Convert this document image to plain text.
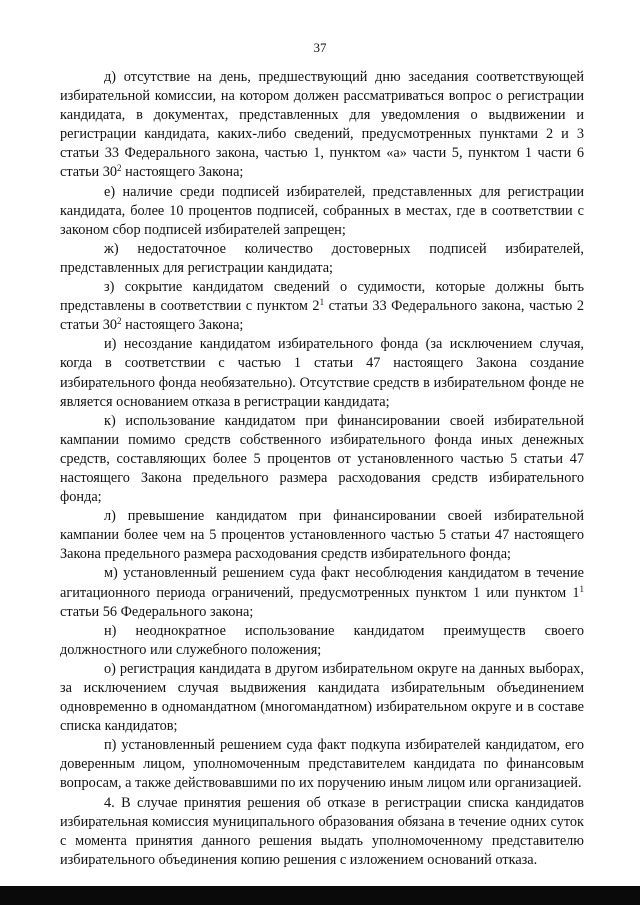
37

д) отсутствие на день, предшествующий дню заседания соответствующей избирательной комиссии, на котором должен рассматриваться вопрос о регистрации кандидата, в документах, представленных для уведомления о выдвижении и регистрации кандидата, каких-либо сведений, предусмотренных пунктами 2 и 3 статьи 33 Федерального закона, частью 1, пунктом «а» части 5, пунктом 1 части 6 статьи $30^2$ настоящего Закона;

е) наличие среди подписей избирателей, представленных для регистрации кандидата, более 10 процентов подписей, собранных в местах, где в соответствии с законом сбор подписей избирателей запрещен;

ж) недостаточное количество достоверных подписей избирателей, представленных для регистрации кандидата;

з) сокрытие кандидатом сведений о судимости, которые должны быть представлены в соответствии с пунктом $2^1$ статьи 33 Федерального закона, частью 2 статьи $30^2$ настоящего Закона;

и) несоздание кандидатом избирательного фонда (за исключением случая, когда в соответствии с частью 1 статьи 47 настоящего Закона создание избирательного фонда необязательно). Отсутствие средств в избирательном фонде не является основанием отказа в регистрации кандидата;

к) использование кандидатом при финансировании своей избирательной кампании помимо средств собственного избирательного фонда иных денежных средств, составляющих более 5 процентов от установленного частью 5 статьи 47 настоящего Закона предельного размера расходования средств избирательного фонда;

л) превышение кандидатом при финансировании своей избирательной кампании более чем на 5 процентов установленного частью 5 статьи 47 настоящего Закона предельного размера расходования средств избирательного фонда;

м) установленный решением суда факт несоблюдения кандидатом в течение агитационного периода ограничений, предусмотренных пунктом 1 или пунктом $1^1$ статьи 56 Федерального закона;

н) неоднократное использование кандидатом преимуществ своего должностного или служебного положения;

о) регистрация кандидата в другом избирательном округе на данных выборах, за исключением случая выдвижения кандидата избирательным объединением одновременно в одномандатном (многомандатном) избирательном округе и в составе списка кандидатов;

п) установленный решением суда факт подкупа избирателей кандидатом, его доверенным лицом, уполномоченным представителем кандидата по финансовым вопросам, а также действовавшими по их поручению иным лицом или организацией.

4. В случае принятия решения об отказе в регистрации списка кандидатов избирательная комиссия муниципального образования обязана в течение одних суток с момента принятия данного решения выдать уполномоченному представителю избирательного объединения копию решения с изложением оснований отказа.
